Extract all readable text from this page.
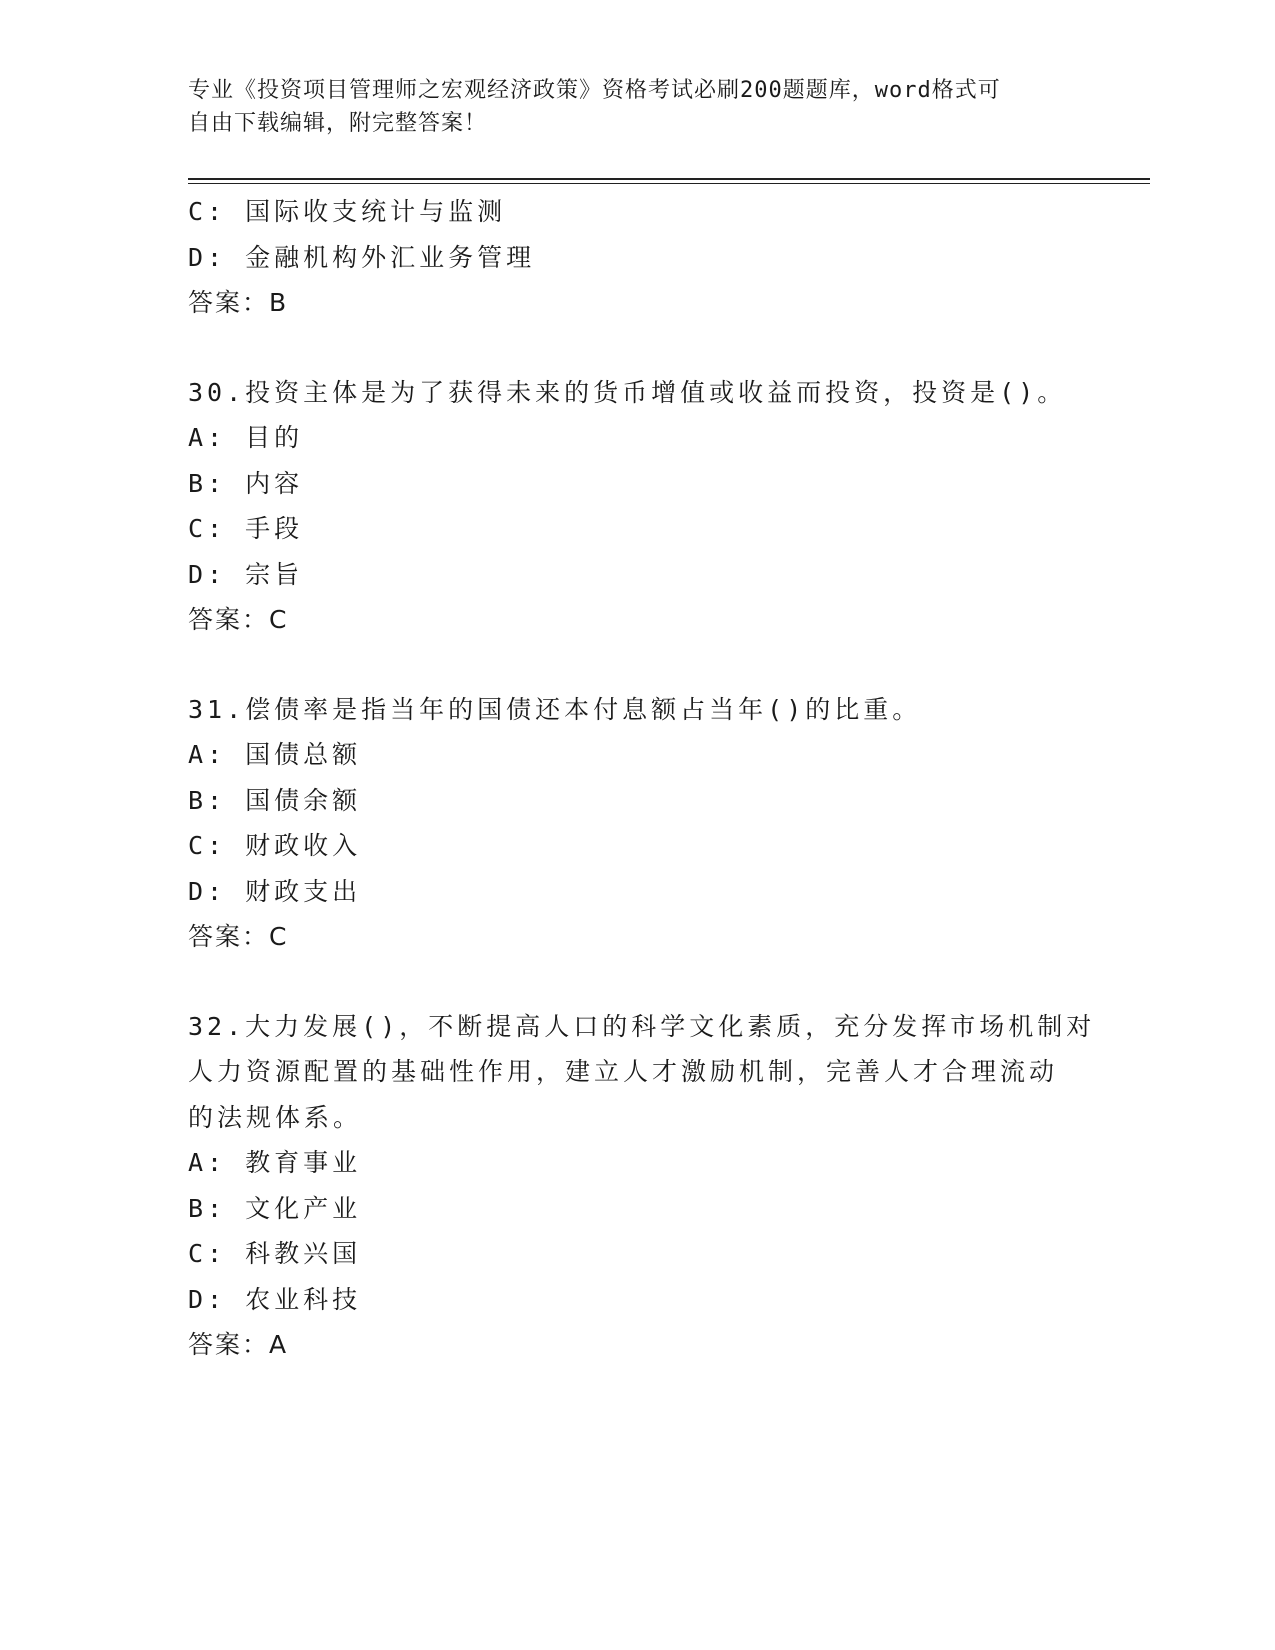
专业《投资项目管理师之宏观经济政策》资格考试必刷200题题库，word格式可
自由下载编辑，附完整答案！
C: 国际收支统计与监测
D: 金融机构外汇业务管理
答案：B
30.投资主体是为了获得未来的货币增值或收益而投资，投资是()。
A: 目的
B: 内容
C: 手段
D: 宗旨
答案：C
31.偿债率是指当年的国债还本付息额占当年()的比重。
A: 国债总额
B: 国债余额
C: 财政收入
D: 财政支出
答案：C
32.大力发展()，不断提高人口的科学文化素质，充分发挥市场机制对
人力资源配置的基础性作用，建立人才激励机制，完善人才合理流动
的法规体系。
A: 教育事业
B: 文化产业
C: 科教兴国
D: 农业科技
答案：A
